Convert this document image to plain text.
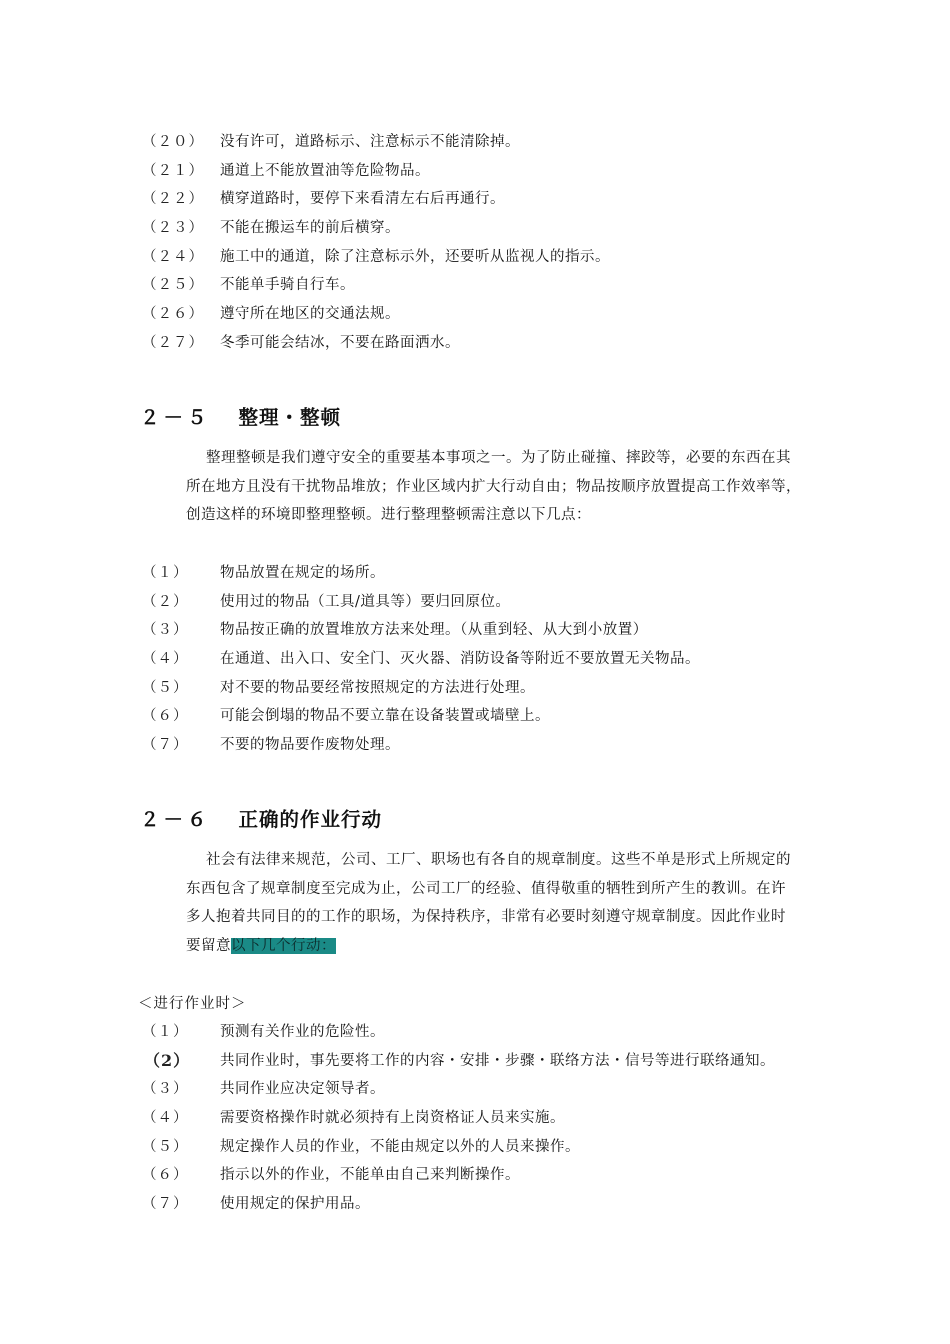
（２０） 没有许可，道路标示、注意标示不能清除掉。
（２１） 通道上不能放置油等危险物品。
（２２） 横穿道路时，要停下来看清左右后再通行。
（２３） 不能在搬运车的前后横穿。
（２４） 施工中的通道，除了注意标示外，还要听从监视人的指示。
（２５） 不能单手骑自行车。
（２６） 遵守所在地区的交通法规。
（２７） 冬季可能会结冰，不要在路面洒水。
２－５ 整理・整顿
整理整顿是我们遵守安全的重要基本事项之一。为了防止碰撞、摔跤等，必要的东西在其
所在地方且没有干扰物品堆放；作业区域内扩大行动自由；物品按顺序放置提高工作效率等，
创造这样的环境即整理整顿。进行整理整顿需注意以下几点：
（１） 物品放置在规定的场所。
（２） 使用过的物品（工具/道具等）要归回原位。
（３） 物品按正确的放置堆放方法来处理。（从重到轻、从大到小放置）
（４） 在通道、出入口、安全门、灭火器、消防设备等附近不要放置无关物品。
（５） 对不要的物品要经常按照规定的方法进行处理。
（６） 可能会倒塌的物品不要立靠在设备装置或墙壁上。
（７） 不要的物品要作废物处理。
２－６ 正确的作业行动
社会有法律来规范，公司、工厂、职场也有各自的规章制度。这些不单是形式上所规定的
东西包含了规章制度至完成为止，公司工厂的经验、值得敬重的牺牲到所产生的教训。在许
多人抱着共同目的的工作的职场，为保持秩序，非常有必要时刻遵守规章制度。因此作业时
要留意以下几个行动：
＜进行作业时＞
（１） 预测有关作业的危险性。
（2） 共同作业时，事先要将工作的内容・安排・步骤・联络方法・信号等进行联络通知。
（３） 共同作业应决定领导者。
（４） 需要资格操作时就必须持有上岗资格证人员来实施。
（５） 规定操作人员的作业，不能由规定以外的人员来操作。
（６） 指示以外的作业，不能单由自己来判断操作。
（７） 使用规定的保护用品。
